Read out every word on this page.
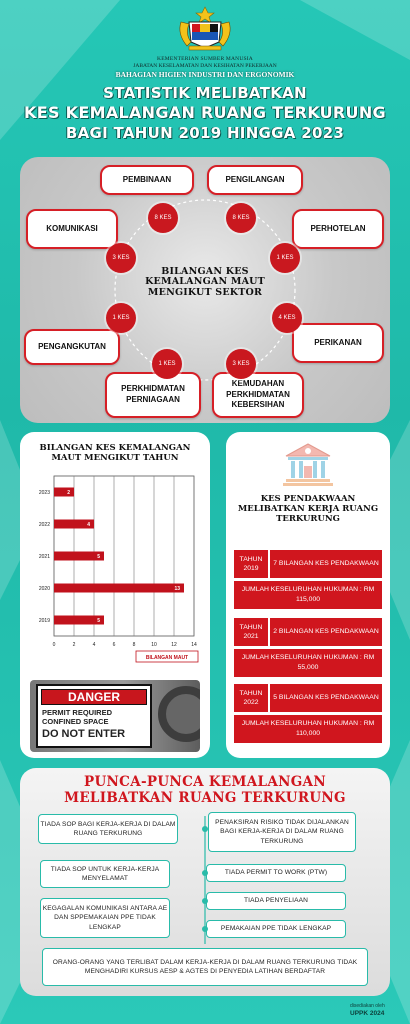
KEMENTERIAN SUMBER MANUSIA
JABATAN KESELAMATAN DAN KESIHATAN PEKERJAAN
BAHAGIAN HIGIEN INDUSTRI DAN ERGONOMIK
STATISTIK MELIBATKAN
KES KEMALANGAN RUANG TERKURUNG
BAGI TAHUN 2019 HINGGA 2023
PEMBINAAN	PENGILANGAN
PERHOTELAN
PERIKANAN
KEMUDAHAN PERKHIDMATAN KEBERSIHAN
PERKHIDMATAN PERNIAGAAN
PENGANGKUTAN
KOMUNIKASI
8 KES	8 KES
1 KES
4 KES
3 KES
1 KES
1 KES
3 KES
BILANGAN KES KEMALANGAN MAUT MENGIKUT SEKTOR
BILANGAN KES KEMALANGAN MAUT MENGIKUT TAHUN
0	2	4	6	8	10	12	14
2023	2
2022	4
2021	5
2020	13
2019	5
BILANGAN MAUT
DANGER
PERMIT REQUIRED
CONFINED SPACE
DO NOT ENTER
KES PENDAKWAAN MELIBATKAN KERJA RUANG TERKURUNG
TAHUN 2019
7 BILANGAN KES PENDAKWAAN
JUMLAH KESELURUHAN HUKUMAN : RM 115,000
TAHUN 2021
2 BILANGAN KES PENDAKWAAN
JUMLAH KESELURUHAN HUKUMAN : RM 55,000
TAHUN 2022
5 BILANGAN KES PENDAKWAAN
JUMLAH KESELURUHAN HUKUMAN : RM 110,000
PUNCA-PUNCA KEMALANGAN
MELIBATKAN RUANG TERKURUNG
TIADA SOP BAGI KERJA-KERJA DI DALAM RUANG TERKURUNG
PENAKSIRAN RISIKO TIDAK DIJALANKAN BAGI KERJA-KERJA DI DALAM RUANG TERKURUNG
TIADA SOP UNTUK KERJA-KERJA MENYELAMAT
TIADA PERMIT TO WORK (PTW)
KEGAGALAN KOMUNIKASI ANTARA AE DAN SPPEMAKAIAN PPE TIDAK LENGKAP
TIADA PENYELIAAN
PEMAKAIAN PPE TIDAK LENGKAP
ORANG-ORANG YANG TERLIBAT DALAM KERJA-KERJA DI DALAM RUANG TERKURUNG TIDAK MENGHADIRI KURSUS AESP & AGTES DI PENYEDIA LATIHAN BERDAFTAR
disediakan oleh
UPPK 2024
